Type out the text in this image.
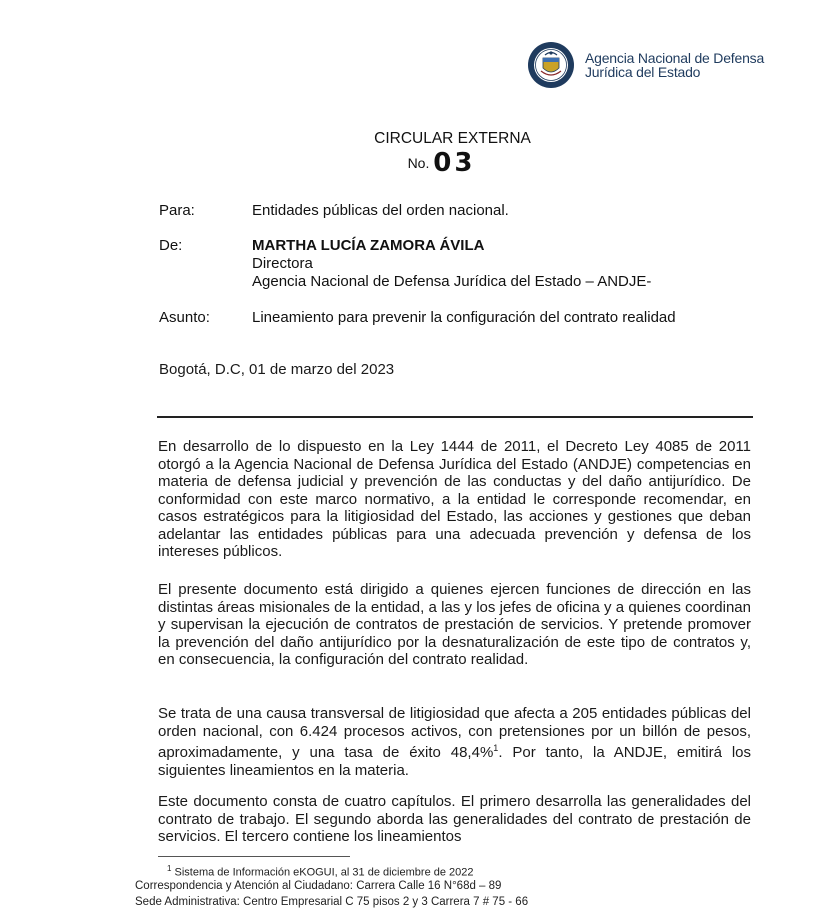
Agencia Nacional de Defensa
Jurídica del Estado
CIRCULAR EXTERNA
No. 03
Para:	Entidades públicas del orden nacional.
De:	MARTHA LUCÍA ZAMORA ÁVILA
Directora
Agencia Nacional de Defensa Jurídica del Estado – ANDJE-
Asunto:	Lineamiento para prevenir la configuración del contrato realidad
Bogotá, D.C, 01 de marzo del 2023

En desarrollo de lo dispuesto en la Ley 1444 de 2011, el Decreto Ley 4085 de 2011 otorgó a la Agencia Nacional de Defensa Jurídica del Estado (ANDJE) competencias en materia de defensa judicial y prevención de las conductas y del daño antijurídico. De conformidad con este marco normativo, a la entidad le corresponde recomendar, en casos estratégicos para la litigiosidad del Estado, las acciones y gestiones que deban adelantar las entidades públicas para una adecuada prevención y defensa de los intereses públicos.

El presente documento está dirigido a quienes ejercen funciones de dirección en las distintas áreas misionales de la entidad, a las y los jefes de oficina y a quienes coordinan y supervisan la ejecución de contratos de prestación de servicios. Y pretende promover la prevención del daño antijurídico por la desnaturalización de este tipo de contratos y, en consecuencia, la configuración del contrato realidad.

Se trata de una causa transversal de litigiosidad que afecta a 205 entidades públicas del orden nacional, con 6.424 procesos activos, con pretensiones por un billón de pesos, aproximadamente, y una tasa de éxito 48,4%$^1$. Por tanto, la ANDJE, emitirá los siguientes lineamientos en la materia.

Este documento consta de cuatro capítulos. El primero desarrolla las generalidades del contrato de trabajo. El segundo aborda las generalidades del contrato de prestación de servicios. El tercero contiene los lineamientos

$^1$ Sistema de Información eKOGUI, al 31 de diciembre de 2022
Correspondencia y Atención al Ciudadano: Carrera Calle 16 N°68d – 89
Sede Administrativa: Centro Empresarial C 75 pisos 2 y 3 Carrera 7 # 75 - 66
